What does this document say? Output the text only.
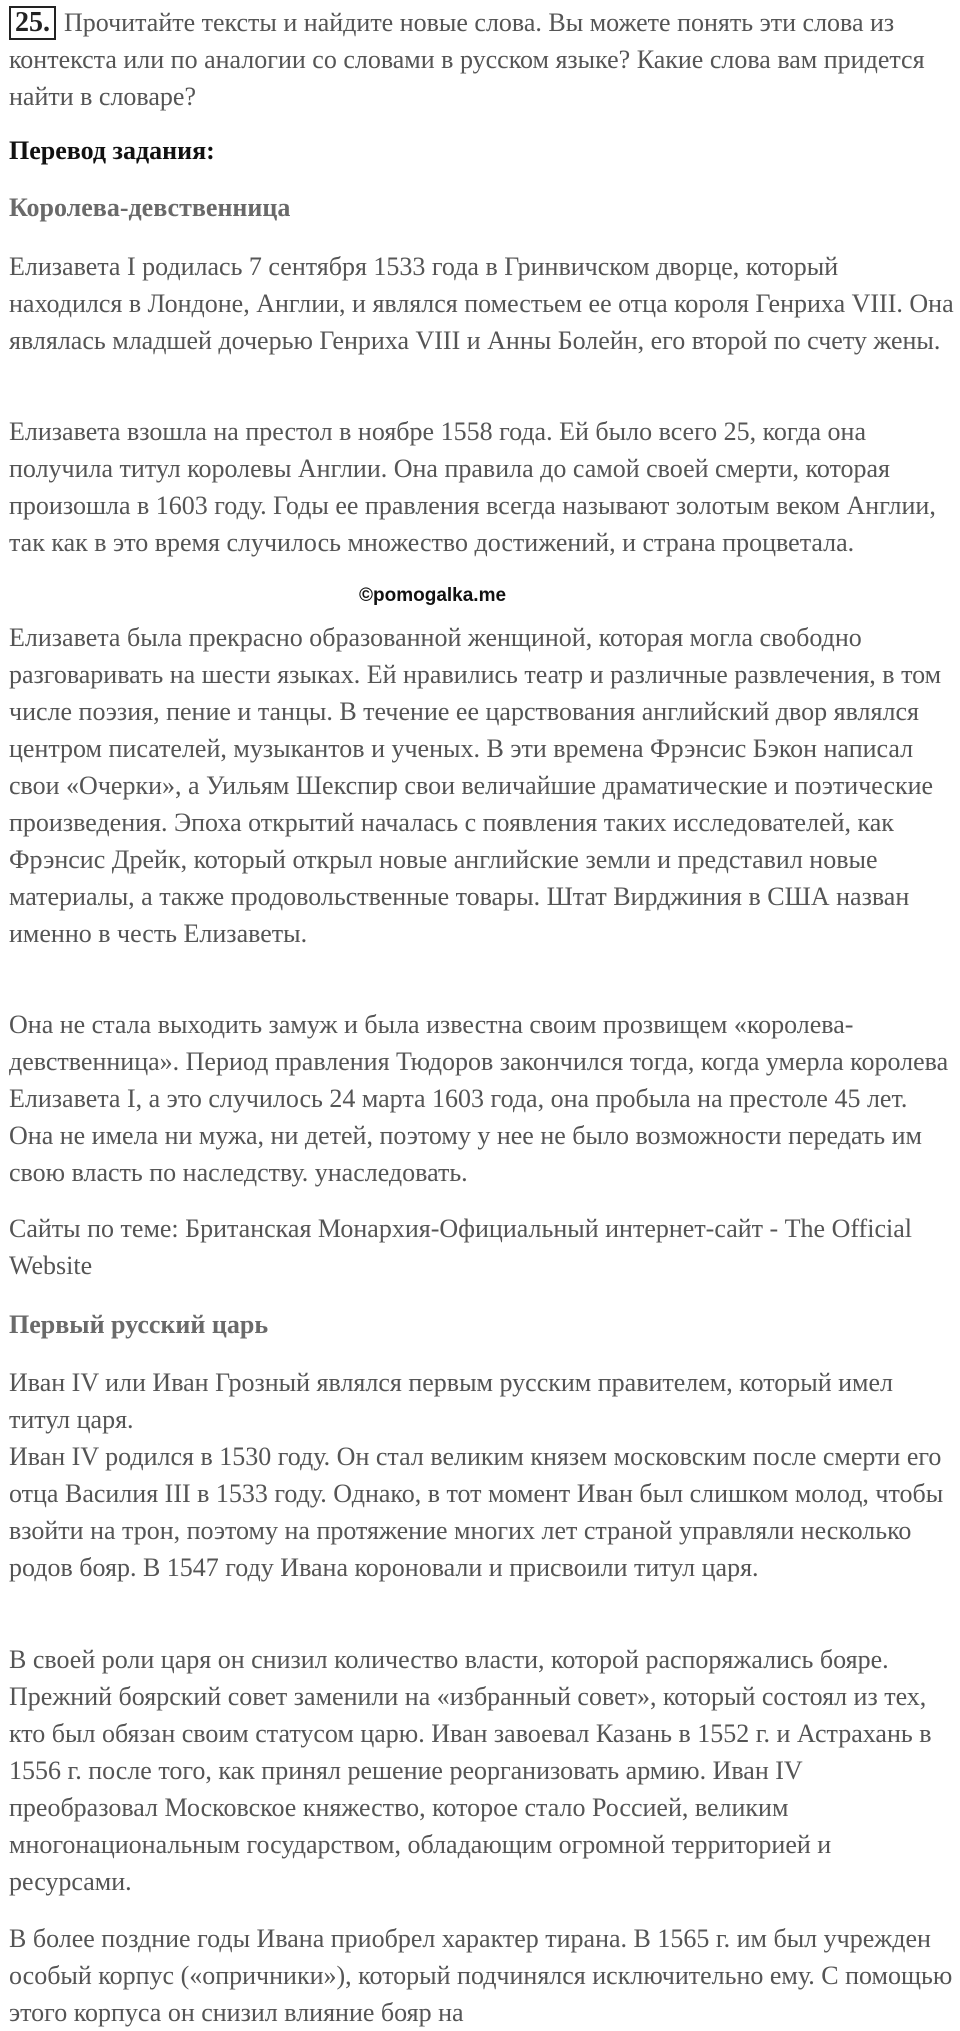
25. Прочитайте тексты и найдите новые слова. Вы можете понять эти слова из контекста или по аналогии со словами в русском языке? Какие слова вам придется найти в словаре?
Перевод задания:
Королева-девственница
Елизавета I родилась 7 сентября 1533 года в Гринвичском дворце, который находился в Лондоне, Англии, и являлся поместьем ее отца короля Генриха VIII. Она являлась младшей дочерью Генриха VIII и Анны Болейн, его второй по счету жены.
Елизавета взошла на престол в ноябре 1558 года. Ей было всего 25, когда она получила титул королевы Англии. Она правила до самой своей смерти, которая произошла в 1603 году. Годы ее правления всегда называют золотым веком Англии, так как в это время случилось множество достижений, и страна процветала.
©pomogalka.me
Елизавета была прекрасно образованной женщиной, которая могла свободно разговаривать на шести языках. Ей нравились театр и различные развлечения, в том числе поэзия, пение и танцы. В течение ее царствования английский двор являлся центром писателей, музыкантов и ученых. В эти времена Фрэнсис Бэкон написал свои «Очерки», а Уильям Шекспир свои величайшие драматические и поэтические произведения. Эпоха открытий началась с появления таких исследователей, как Фрэнсис Дрейк, который открыл новые английские земли и представил новые материалы, а также продовольственные товары. Штат Вирджиния в США назван именно в честь Елизаветы.
Она не стала выходить замуж и была известна своим прозвищем «королева-девственница». Период правления Тюдоров закончился тогда, когда умерла королева Елизавета I, а это случилось 24 марта 1603 года, она пробыла на престоле 45 лет. Она не имела ни мужа, ни детей, поэтому у нее не было возможности передать им свою власть по наследству. унаследовать.
Сайты по теме: Британская Монархия-Официальный интернет-сайт - The Official Website
Первый русский царь
Иван IV или Иван Грозный являлся первым русским правителем, который имел титул царя.
Иван IV родился в 1530 году. Он стал великим князем московским после смерти его отца Василия III в 1533 году. Однако, в тот момент Иван был слишком молод, чтобы взойти на трон, поэтому на протяжение многих лет страной управляли несколько родов бояр. В 1547 году Ивана короновали и присвоили титул царя.
В своей роли царя он снизил количество власти, которой распоряжались бояре. Прежний боярский совет заменили на «избранный совет», который состоял из тех, кто был обязан своим статусом царю. Иван завоевал Казань в 1552 г. и Астрахань в 1556 г. после того, как принял решение реорганизовать армию. Иван IV преобразовал Московское княжество, которое стало Россией, великим многонациональным государством, обладающим огромной территорией и ресурсами.
В более поздние годы Ивана приобрел характер тирана. В 1565 г. им был учрежден особый корпус («опричники»), который подчинялся исключительно ему. С помощью этого корпуса он снизил влияние бояр на
